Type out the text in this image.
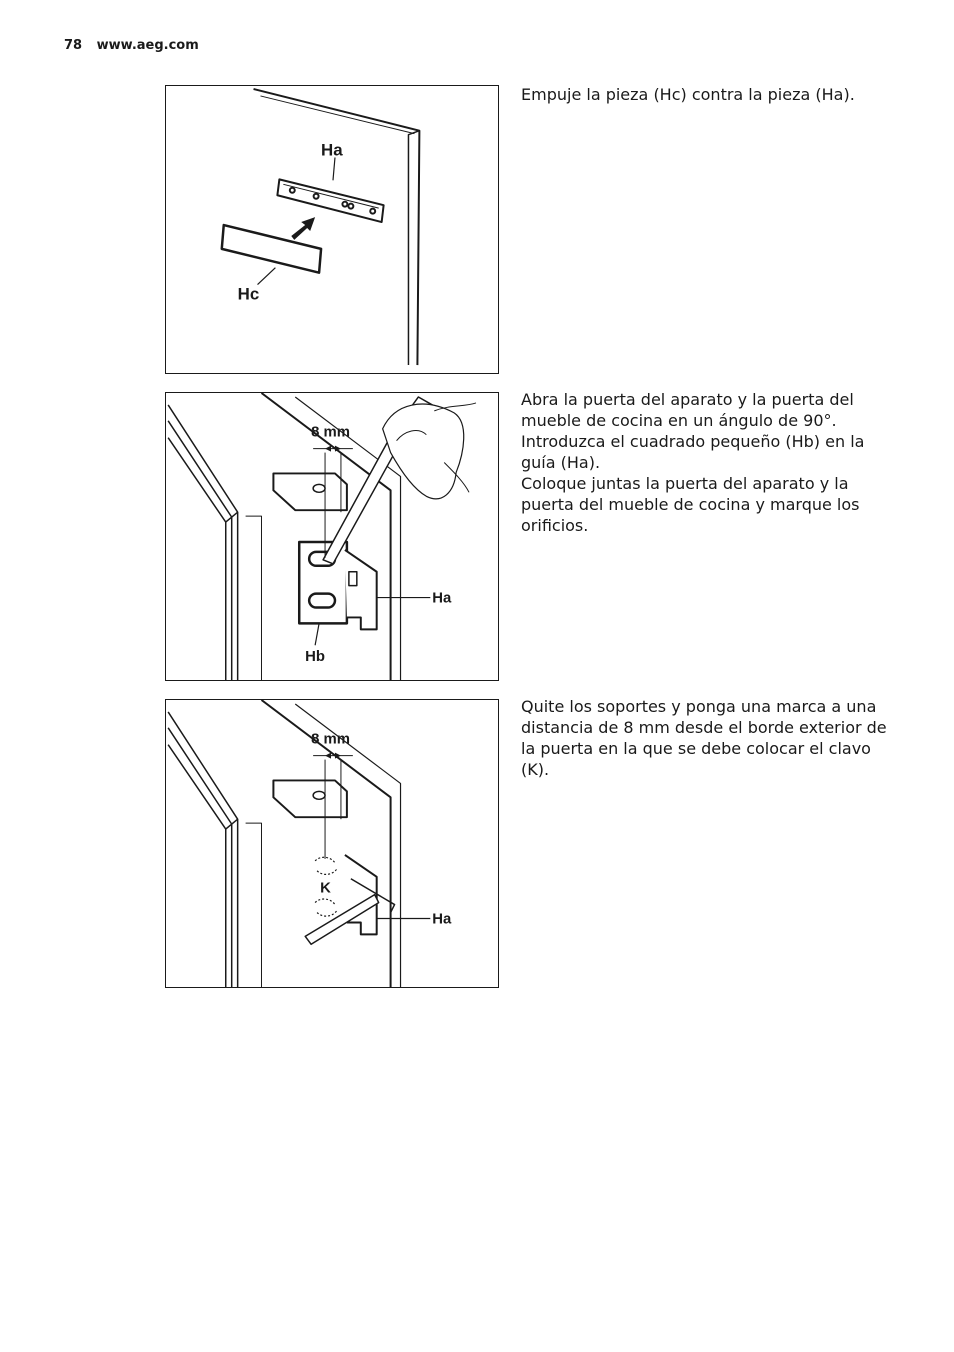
78 www.aeg.com
Ha
Hc

Empuje la pieza (Hc) contra la pieza (Ha).

8 mm
Ha
Hb

Abra la puerta del aparato y la puerta del mueble de cocina en un ángulo de 90°. Introduzca el cuadrado pequeño (Hb) en la guía (Ha).

Coloque juntas la puerta del aparato y la puerta del mueble de cocina y marque los orificios.

8 mm
K
Ha

Quite los soportes y ponga una marca a una distancia de 8 mm desde el borde exterior de la puerta en la que se debe colocar el clavo (K).
